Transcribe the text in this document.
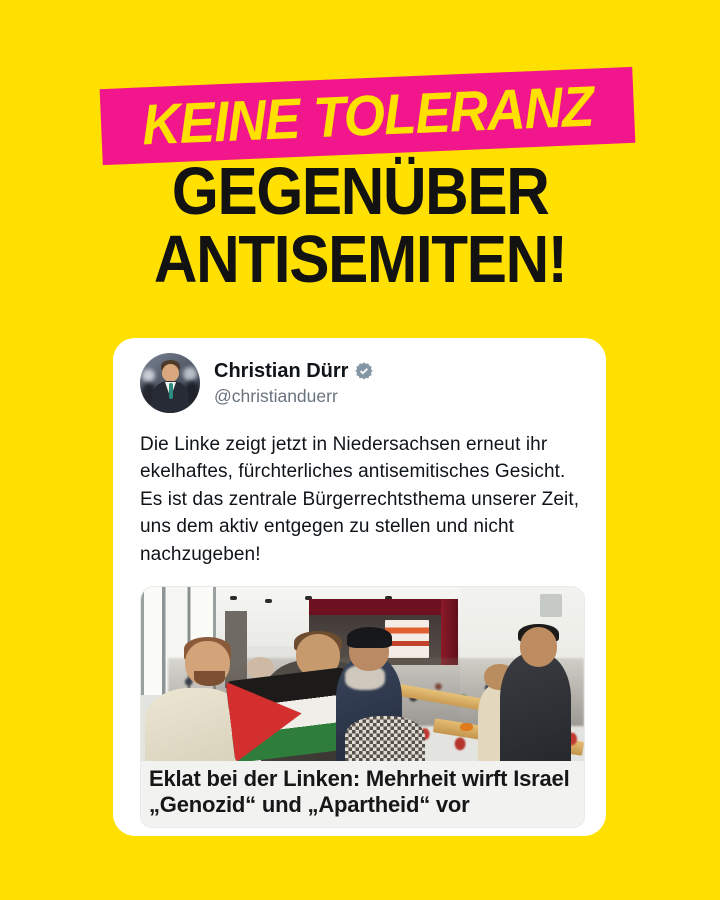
KEINE TOLERANZ
GEGENÜBER
ANTISEMITEN!
Christian Dürr
@christianduerr
Die Linke zeigt jetzt in Niedersachsen erneut ihr ekelhaftes, fürchterliches antisemitisches Gesicht. Es ist das zentrale Bürgerrechtsthema unserer Zeit, uns dem aktiv entgegen zu stellen und nicht nachzugeben!
Eklat bei der Linken: Mehrheit wirft Israel „Genozid“ und „Apartheid“ vor
